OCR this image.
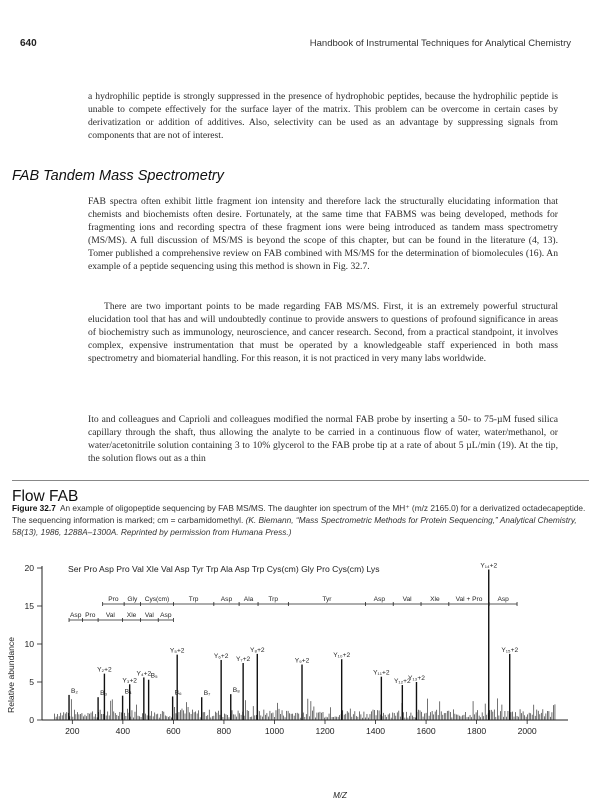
640	Handbook of Instrumental Techniques for Analytical Chemistry

a hydrophilic peptide is strongly suppressed in the presence of hydrophobic peptides, because the hydrophilic peptide is unable to compete effectively for the surface layer of the matrix. This problem can be overcome in certain cases by derivatization or addition of additives. Also, selectivity can be used as an advantage by suppressing signals from components that are not of interest.

FAB Tandem Mass Spectrometry

FAB spectra often exhibit little fragment ion intensity and therefore lack the structurally elucidating information that chemists and biochemists often desire. Fortunately, at the same time that FABMS was being developed, methods for fragmenting ions and recording spectra of these fragment ions were being introduced as tandem mass spectrometry (MS/MS). A full discussion of MS/MS is beyond the scope of this chapter, but can be found in the literature (4, 13). Tomer published a comprehensive review on FAB combined with MS/MS for the determination of biomolecules (16). An example of a peptide sequencing using this method is shown in Fig. 32.7.

There are two important points to be made regarding FAB MS/MS. First, it is an extremely powerful structural elucidation tool that has and will undoubtedly continue to provide answers to questions of profound significance in areas of biochemistry such as immunology, neuroscience, and cancer research. Second, from a practical standpoint, it involves complex, expensive instrumentation that must be operated by a knowledgeable staff experienced in both mass spectrometry and biomaterial handling. For this reason, it is not practiced in very many labs worldwide.

Flow FAB

Ito and colleagues and Caprioli and colleagues modified the normal FAB probe by inserting a 50- to 75-µM fused silica capillary through the shaft, thus allowing the analyte to be carried in a continuous flow of water, water/methanol, or water/acetonitrile solution containing 3 to 10% glycerol to the FAB probe tip at a rate of about 5 µL/min (19). At the tip, the solution flows out as a thin

Figure 32.7 An example of oligopeptide sequencing by FAB MS/MS. The daughter ion spectrum of the MH⁺ (m/z 2165.0) for a derivatized octadecapeptide. The sequencing information is marked; cm = carbamidomethyl. (K. Biemann, “Mass Spectrometric Methods for Protein Sequencing,” Analytical Chemistry, 58(13), 1986, 1288A–1300A. Reprinted by permission from Humana Press.)

0
5
10
15
20
200	400	600	800	1000	1200	1400	1600	1800	2000
B₂	B₃	B₄
Y₂+2
Y₃+2
Y₄+2 B₅
Y₅+2
B₆	B₇
Y₆+2
B₈
Y₇+2
Y₈+2
Y₉+2
Y₁₀+2
Y₁₁+2
Y₁₂+2
Y₁₃+2
Y₁₅+2
Y₁₄+2
Asp Pro Val Xle Val Asp
Pro Gly Cys(cm)	Trp	Asp Ala Trp	Tyr	Asp	Val	Xle Val + Pro Asp
Ser Pro Asp Pro Val Xle Val Asp Tyr Trp Ala Asp Trp Cys(cm) Gly Pro Cys(cm) Lys
M/Z
Relative abundance
